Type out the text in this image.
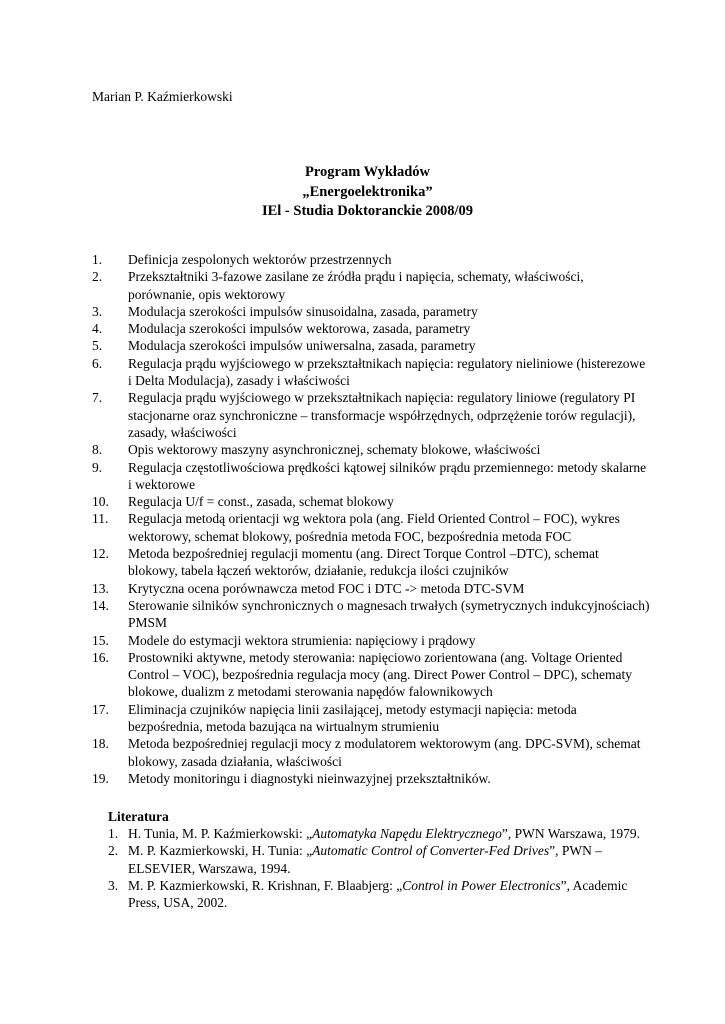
Marian P. Kaźmierkowski
Program Wykładów
„Energoelektronika”
IEl - Studia Doktoranckie 2008/09
1.	Definicja zespolonych wektorów przestrzennych
2.	Przekształtniki 3-fazowe zasilane ze źródła prądu i napięcia, schematy, właściwości, porównanie, opis wektorowy
3.	Modulacja szerokości impulsów sinusoidalna, zasada, parametry
4.	Modulacja szerokości impulsów wektorowa, zasada, parametry
5.	Modulacja szerokości impulsów uniwersalna, zasada, parametry
6.	Regulacja prądu wyjściowego w przekształtnikach napięcia: regulatory nieliniowe (histerezowe i Delta Modulacja), zasady i właściwości
7.	Regulacja prądu wyjściowego w przekształtnikach napięcia: regulatory liniowe (regulatory PI stacjonarne oraz synchroniczne – transformacje współrzędnych, odprzężenie torów regulacji), zasady, właściwości
8.	Opis wektorowy maszyny asynchronicznej, schematy blokowe, właściwości
9.	Regulacja częstotliwościowa prędkości kątowej silników prądu przemiennego: metody skalarne i wektorowe
10.	Regulacja U/f = const., zasada, schemat blokowy
11.	Regulacja metodą orientacji wg wektora pola (ang. Field Oriented Control – FOC), wykres wektorowy, schemat blokowy, pośrednia metoda FOC, bezpośrednia metoda FOC
12.	Metoda bezpośredniej regulacji momentu (ang. Direct Torque Control –DTC), schemat blokowy, tabela łączeń wektorów, działanie, redukcja ilości czujników
13.	Krytyczna ocena porównawcza metod FOC i DTC -> metoda DTC-SVM
14.	Sterowanie silników synchronicznych o magnesach trwałych (symetrycznych indukcyjnościach) PMSM
15.	Modele do estymacji wektora strumienia: napięciowy i prądowy
16.	Prostowniki aktywne, metody sterowania: napięciowo zorientowana (ang. Voltage Oriented Control – VOC), bezpośrednia regulacja mocy (ang. Direct Power Control – DPC), schematy blokowe, dualizm z metodami sterowania napędów falownikowych
17.	Eliminacja czujników napięcia linii zasilającej, metody estymacji napięcia: metoda bezpośrednia, metoda bazująca na wirtualnym strumieniu
18.	Metoda bezpośredniej regulacji mocy z modulatorem wektorowym (ang. DPC-SVM), schemat blokowy, zasada działania, właściwości
19.	Metody monitoringu i diagnostyki nieinwazyjnej przekształtników.
Literatura
1. H. Tunia, M. P. Kaźmierkowski: „Automatyka Napędu Elektrycznego”, PWN Warszawa, 1979.
2. M. P. Kazmierkowski, H. Tunia: „Automatic Control of Converter-Fed Drives”, PWN – ELSEVIER, Warszawa, 1994.
3. M. P. Kazmierkowski, R. Krishnan, F. Blaabjerg: „Control in Power Electronics”, Academic Press, USA, 2002.
